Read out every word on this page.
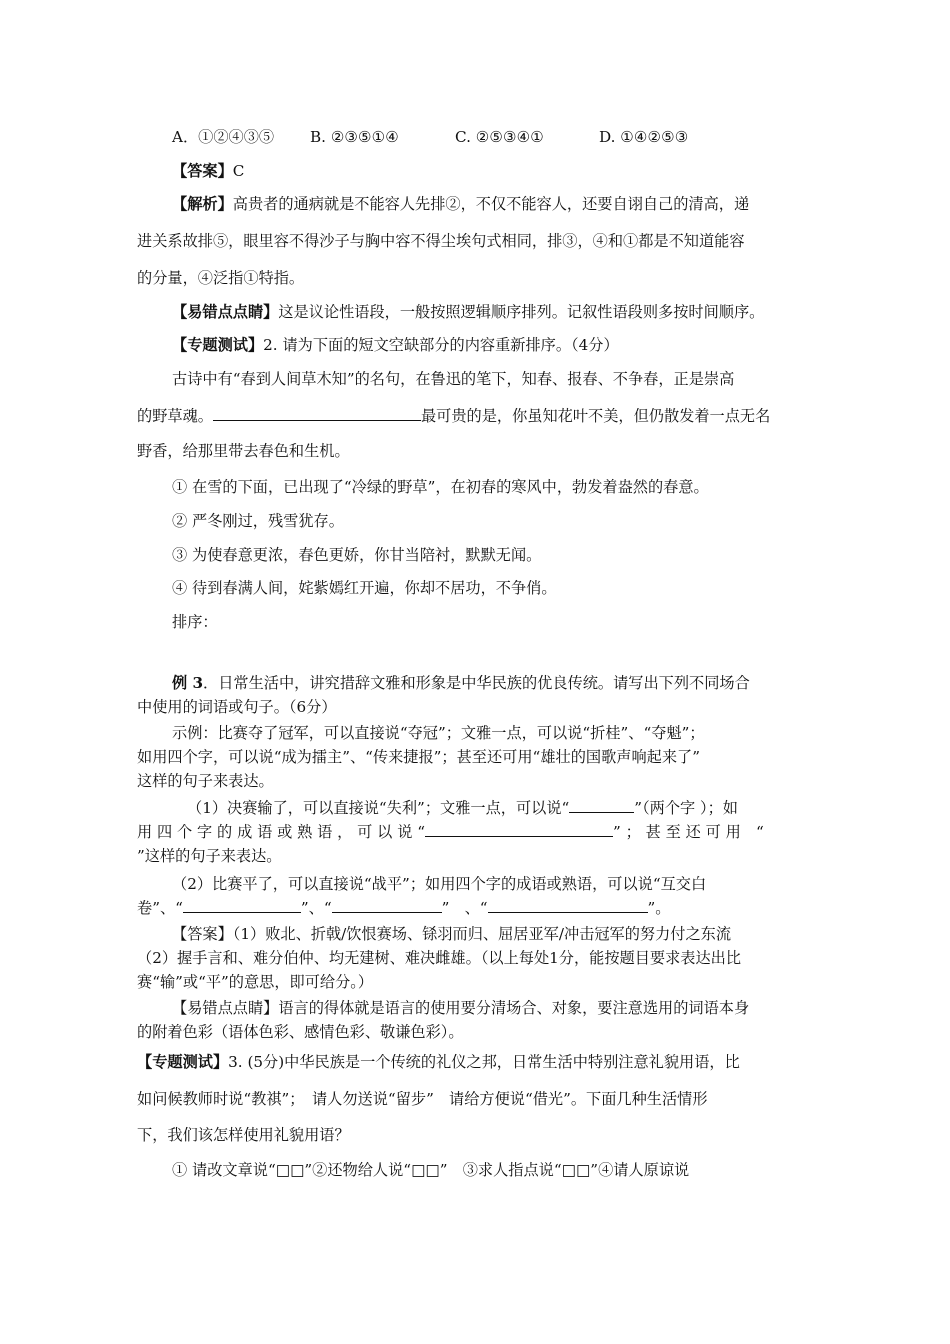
A．①②④③⑤ B. ②③⑤①④	C. ②⑤③④①	D. ①④②⑤③
【答案】C
【解析】高贵者的通病就是不能容人先排②，不仅不能容人，还要自诩自己的清高，递
进关系故排⑤，眼里容不得沙子与胸中容不得尘埃句式相同，排③，④和①都是不知道能容
的分量，④泛指①特指。
【易错点点睛】这是议论性语段，一般按照逻辑顺序排列。记叙性语段则多按时间顺序。
【专题测试】2. 请为下面的短文空缺部分的内容重新排序。（4分）
古诗中有“春到人间草木知”的名句，在鲁迅的笔下，知春、报春、不争春，正是崇高
的野草魂。	最可贵的是，你虽知花叶不美，但仍散发着一点无名
野香，给那里带去春色和生机。
① 在雪的下面，已出现了“冷绿的野草”，在初春的寒风中，勃发着盎然的春意。
② 严冬刚过，残雪犹存。
③ 为使春意更浓，春色更娇，你甘当陪衬，默默无闻。
④ 待到春满人间，姹紫嫣红开遍，你却不居功，不争俏。
排序：
例 3．日常生活中，讲究措辞文雅和形象是中华民族的优良传统。请写出下列不同场合
中使用的词语或句子。（6分）
示例：比赛夺了冠军，可以直接说“夺冠”；文雅一点，可以说“折桂”、“夺魁”；
如用四个字，可以说“成为擂主”、“传来捷报”；甚至还可用“雄壮的国歌声响起来了”
这样的句子来表达。
（1）决赛输了，可以直接说“失利”；文雅一点，可以说“	”（两个字 ）；如
用 四 个 字 的 成 语 或 熟 语 ， 可 以 说 “	” ； 甚 至 还 可 用　“
”这样的句子来表达。
（2）比赛平了，可以直接说“战平”；如用四个字的成语或熟语，可以说“互交白
卷”、“	”、“	”　、“	”。
【答案】（1）败北、折戟/饮恨赛场、铩羽而归、屈居亚军/冲击冠军的努力付之东流
（2）握手言和、难分伯仲、均无建树、难决雌雄。（以上每处1分，能按题目要求表达出比
赛“输”或“平”的意思，即可给分。）
【易错点点睛】语言的得体就是语言的使用要分清场合、对象，要注意选用的词语本身
的附着色彩（语体色彩、感情色彩、敬谦色彩）。
【专题测试】3. (5分)中华民族是一个传统的礼仪之邦，日常生活中特别注意礼貌用语，比
如问候教师时说“教祺”；　请人勿送说“留步”　请给方便说“借光”。下面几种生活情形
下，我们该怎样使用礼貌用语？
① 请改文章说“□□”②还物给人说“□□”　③求人指点说“□□”④请人原谅说
